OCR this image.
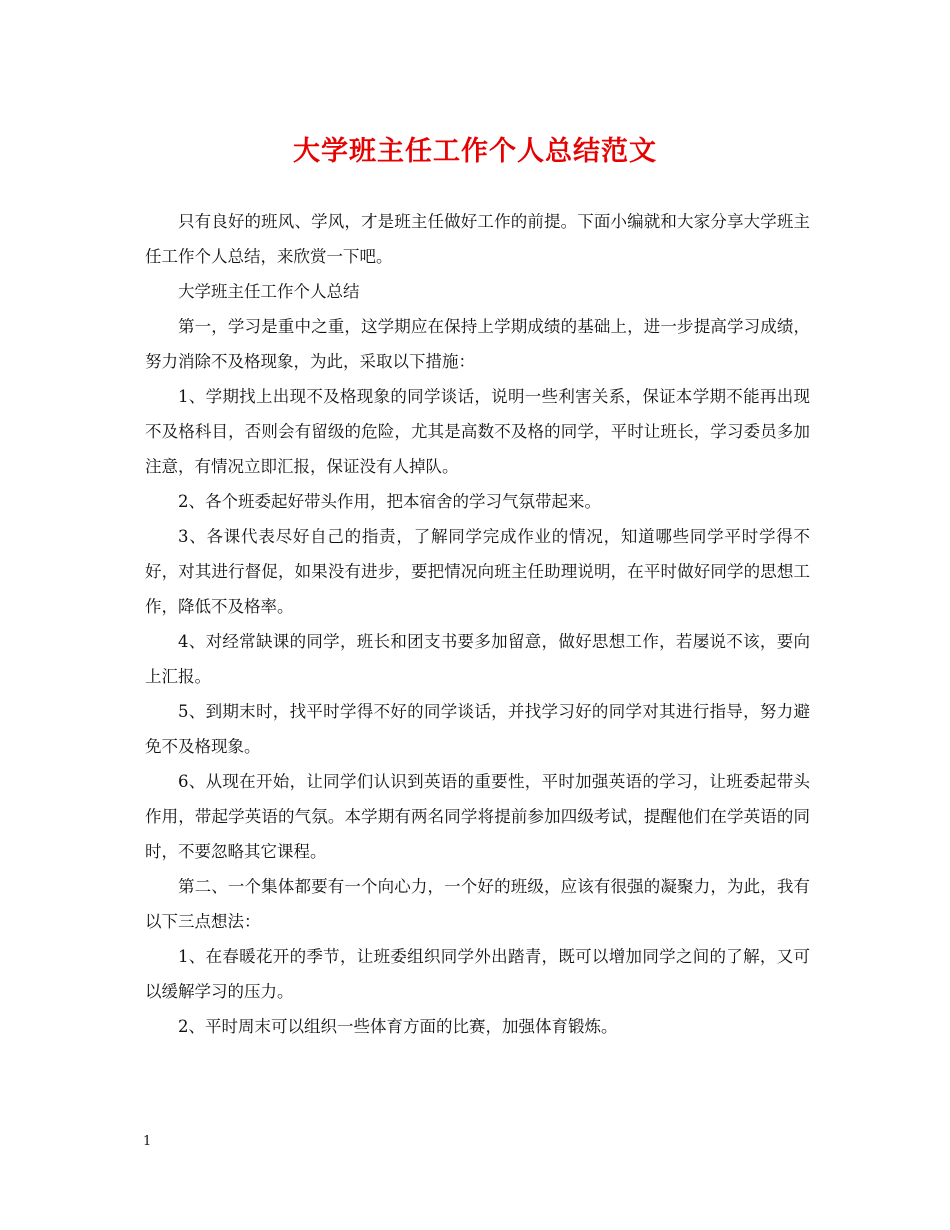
大学班主任工作个人总结范文

只有良好的班风、学风，才是班主任做好工作的前提。下面小编就和大家分享大学班主任工作个人总结，来欣赏一下吧。

大学班主任工作个人总结

第一，学习是重中之重，这学期应在保持上学期成绩的基础上，进一步提高学习成绩，努力消除不及格现象，为此，采取以下措施：

1、学期找上出现不及格现象的同学谈话，说明一些利害关系，保证本学期不能再出现不及格科目，否则会有留级的危险，尤其是高数不及格的同学，平时让班长，学习委员多加注意，有情况立即汇报，保证没有人掉队。

2、各个班委起好带头作用，把本宿舍的学习气氛带起来。

3、各课代表尽好自己的指责，了解同学完成作业的情况，知道哪些同学平时学得不好，对其进行督促，如果没有进步，要把情况向班主任助理说明，在平时做好同学的思想工作，降低不及格率。

4、对经常缺课的同学，班长和团支书要多加留意，做好思想工作，若屡说不该，要向上汇报。

5、到期末时，找平时学得不好的同学谈话，并找学习好的同学对其进行指导，努力避免不及格现象。

6、从现在开始，让同学们认识到英语的重要性，平时加强英语的学习，让班委起带头作用，带起学英语的气氛。本学期有两名同学将提前参加四级考试，提醒他们在学英语的同时，不要忽略其它课程。

第二、一个集体都要有一个向心力，一个好的班级，应该有很强的凝聚力，为此，我有以下三点想法：

1、在春暖花开的季节，让班委组织同学外出踏青，既可以增加同学之间的了解，又可以缓解学习的压力。

2、平时周末可以组织一些体育方面的比赛，加强体育锻炼。

1
